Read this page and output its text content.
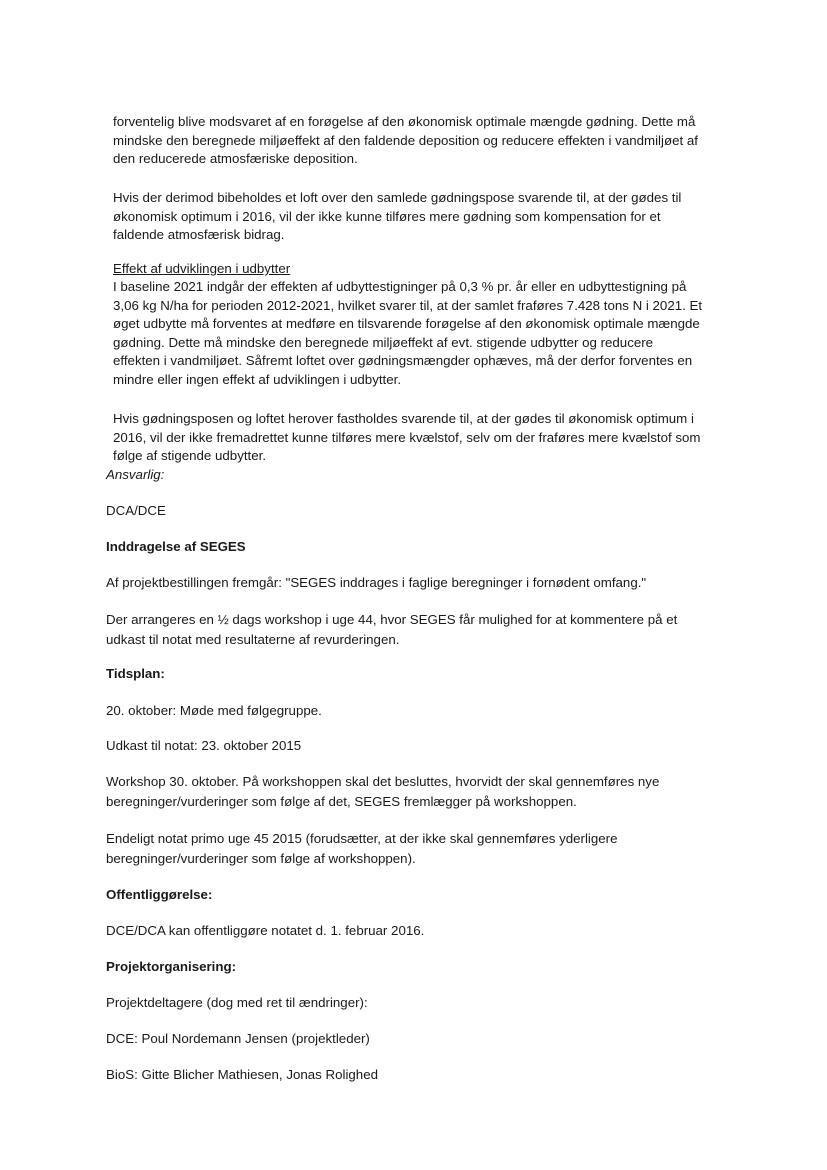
forventelig blive modsvaret af en forøgelse af den økonomisk optimale mængde gødning. Dette må
mindske den beregnede miljøeffekt af den faldende deposition og reducere effekten i vandmiljøet af
den reducerede atmosfæriske deposition.

Hvis der derimod bibeholdes et loft over den samlede gødningspose svarende til, at der gødes til
økonomisk optimum i 2016, vil der ikke kunne tilføres mere gødning som kompensation for et
faldende atmosfærisk bidrag.

Effekt af udviklingen i udbytter

I baseline 2021 indgår der effekten af udbyttestigninger på 0,3 % pr. år eller en udbyttestigning på
3,06 kg N/ha for perioden 2012-2021, hvilket svarer til, at der samlet fraføres 7.428 tons N i 2021. Et
øget udbytte må forventes at medføre en tilsvarende forøgelse af den økonomisk optimale mængde
gødning. Dette må mindske den beregnede miljøeffekt af evt. stigende udbytter og reducere
effekten i vandmiljøet. Såfremt loftet over gødningsmængder ophæves, må der derfor forventes en
mindre eller ingen effekt af udviklingen i udbytter.

Hvis gødningsposen og loftet herover fastholdes svarende til, at der gødes til økonomisk optimum i
2016, vil der ikke fremadrettet kunne tilføres mere kvælstof, selv om der fraføres mere kvælstof som
følge af stigende udbytter.

Ansvarlig:

DCA/DCE

Inddragelse af SEGES

Af projektbestillingen fremgår: "SEGES inddrages i faglige beregninger i fornødent omfang."

Der arrangeres en ½ dags workshop i uge 44, hvor SEGES får mulighed for at kommentere på et
udkast til notat med resultaterne af revurderingen.

Tidsplan:

20. oktober: Møde med følgegruppe.

Udkast til notat: 23. oktober 2015

Workshop 30. oktober. På workshoppen skal det besluttes, hvorvidt der skal gennemføres nye
beregninger/vurderinger som følge af det, SEGES fremlægger på workshoppen.

Endeligt notat primo uge 45 2015 (forudsætter, at der ikke skal gennemføres yderligere
beregninger/vurderinger som følge af workshoppen).

Offentliggørelse:

DCE/DCA kan offentliggøre notatet d. 1. februar 2016.

Projektorganisering:

Projektdeltagere (dog med ret til ændringer):

DCE: Poul Nordemann Jensen (projektleder)

BioS: Gitte Blicher Mathiesen, Jonas Rolighed
